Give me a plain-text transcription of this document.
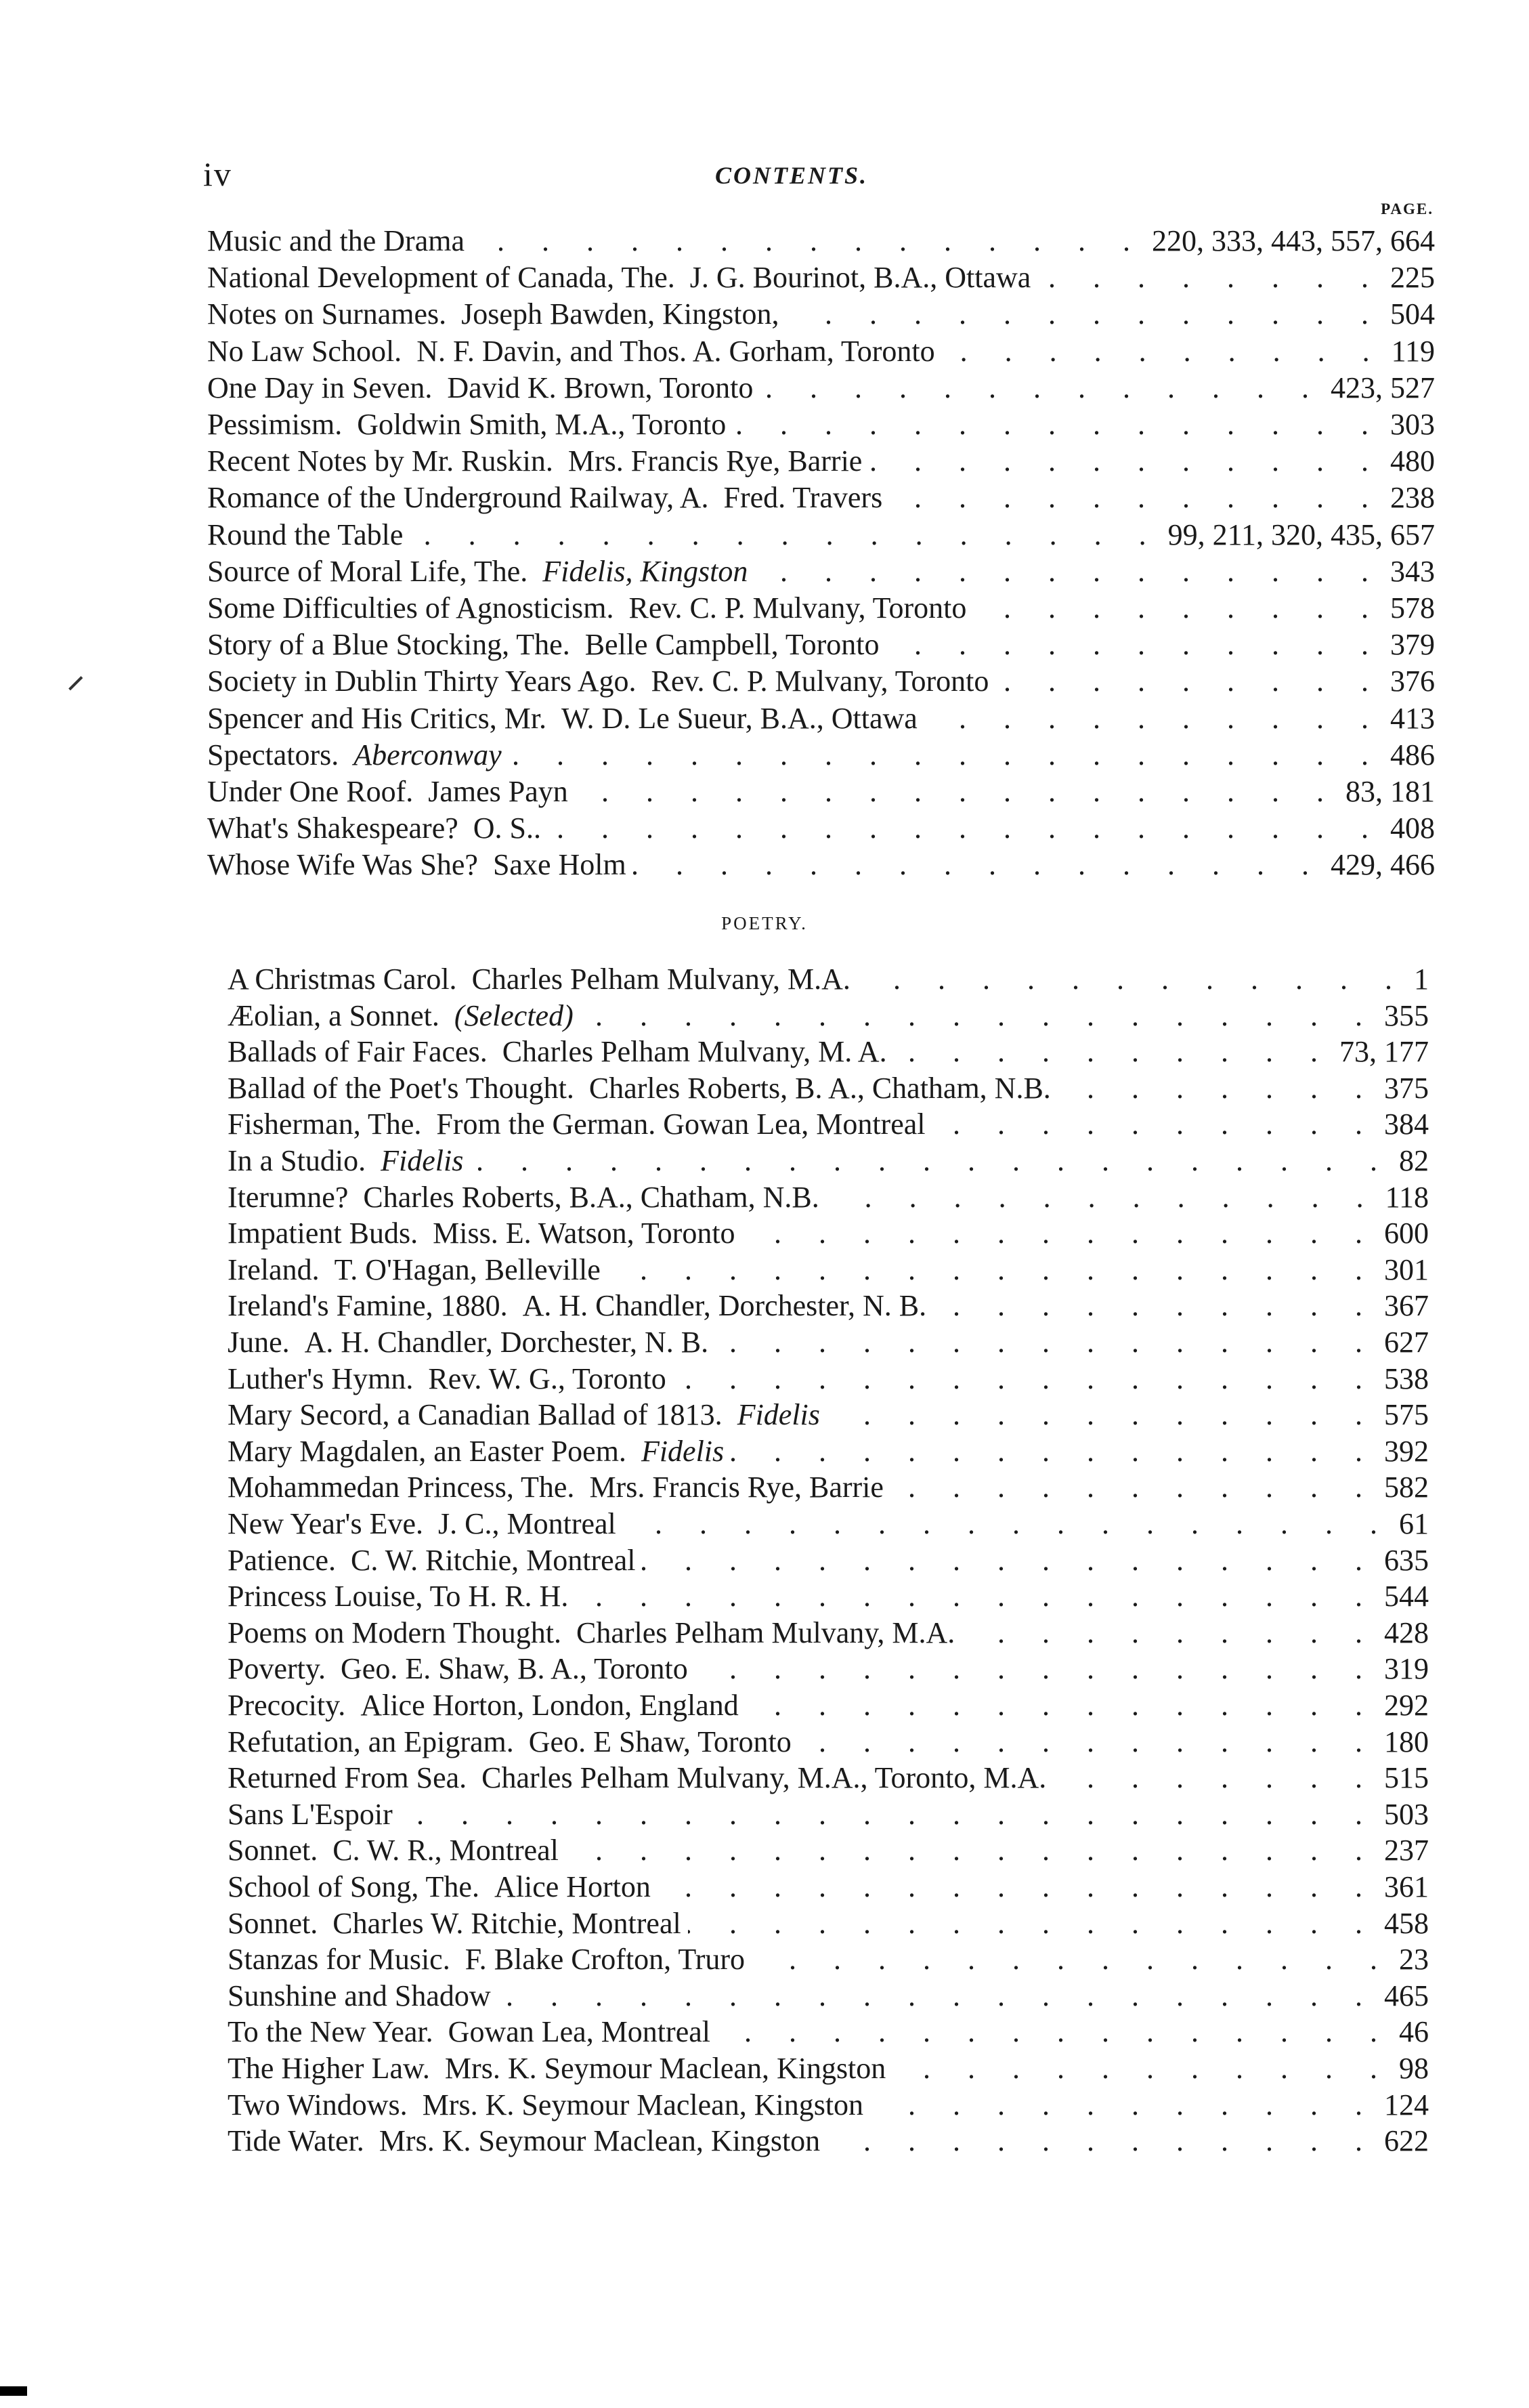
iv	CONTENTS.
PAGE.
Music and the Drama . . .	220, 333, 443, 557, 664
National Development of Canada, The. J. G. Bourinot, B.A., Ottawa . . .	225
Notes on Surnames. Joseph Bawden, Kingston, . . .	504
No Law School. N. F. Davin, and Thos. A. Gorham, Toronto . . .	119
One Day in Seven. David K. Brown, Toronto . . .	423, 527
Pessimism. Goldwin Smith, M.A., Toronto . . .	303
Recent Notes by Mr. Ruskin. Mrs. Francis Rye, Barrie . . .	480
Romance of the Underground Railway, A. Fred. Travers . . .	238
Round the Table . . .	99, 211, 320, 435, 657
Source of Moral Life, The. Fidelis, Kingston . . .	343
Some Difficulties of Agnosticism. Rev. C. P. Mulvany, Toronto . . .	578
Story of a Blue Stocking, The. Belle Campbell, Toronto . . .	379
Society in Dublin Thirty Years Ago. Rev. C. P. Mulvany, Toronto . . .	376
Spencer and His Critics, Mr. W. D. Le Sueur, B.A., Ottawa . . .	413
Spectators. Aberconway . . .	486
Under One Roof. James Payn . . .	83, 181
What's Shakespeare? O. S.. . . .	408
Whose Wife Was She? Saxe Holm . . .	429, 466
POETRY.
A Christmas Carol. Charles Pelham Mulvany, M.A. . . .	1
Æolian, a Sonnet. (Selected) . . .	355
Ballads of Fair Faces. Charles Pelham Mulvany, M. A. . . .	73, 177
Ballad of the Poet's Thought. Charles Roberts, B. A., Chatham, N.B. . . .	375
Fisherman, The. From the German. Gowan Lea, Montreal . . .	384
In a Studio. Fidelis . . .	82
Iterumne? Charles Roberts, B.A., Chatham, N.B. . . .	118
Impatient Buds. Miss. E. Watson, Toronto . . .	600
Ireland. T. O'Hagan, Belleville . . .	301
Ireland's Famine, 1880. A. H. Chandler, Dorchester, N. B. . . .	367
June. A. H. Chandler, Dorchester, N. B. . . .	627
Luther's Hymn. Rev. W. G., Toronto . . .	538
Mary Secord, a Canadian Ballad of 1813. Fidelis . . .	575
Mary Magdalen, an Easter Poem. Fidelis . . .	392
Mohammedan Princess, The. Mrs. Francis Rye, Barrie . . .	582
New Year's Eve. J. C., Montreal . . .	61
Patience. C. W. Ritchie, Montreal . . .	635
Princess Louise, To H. R. H. . . .	544
Poems on Modern Thought. Charles Pelham Mulvany, M.A. . . .	428
Poverty. Geo. E. Shaw, B. A., Toronto . . .	319
Precocity. Alice Horton, London, England . . .	292
Refutation, an Epigram. Geo. E Shaw, Toronto . . .	180
Returned From Sea. Charles Pelham Mulvany, M.A., Toronto, M.A. . . .	515
Sans L'Espoir . . .	503
Sonnet. C. W. R., Montreal . . .	237
School of Song, The. Alice Horton . . .	361
Sonnet. Charles W. Ritchie, Montreal . . .	458
Stanzas for Music. F. Blake Crofton, Truro . . .	23
Sunshine and Shadow . . .	465
To the New Year. Gowan Lea, Montreal . . .	46
The Higher Law. Mrs. K. Seymour Maclean, Kingston . . .	98
Two Windows. Mrs. K. Seymour Maclean, Kingston . . .	124
Tide Water. Mrs. K. Seymour Maclean, Kingston . . .	622
